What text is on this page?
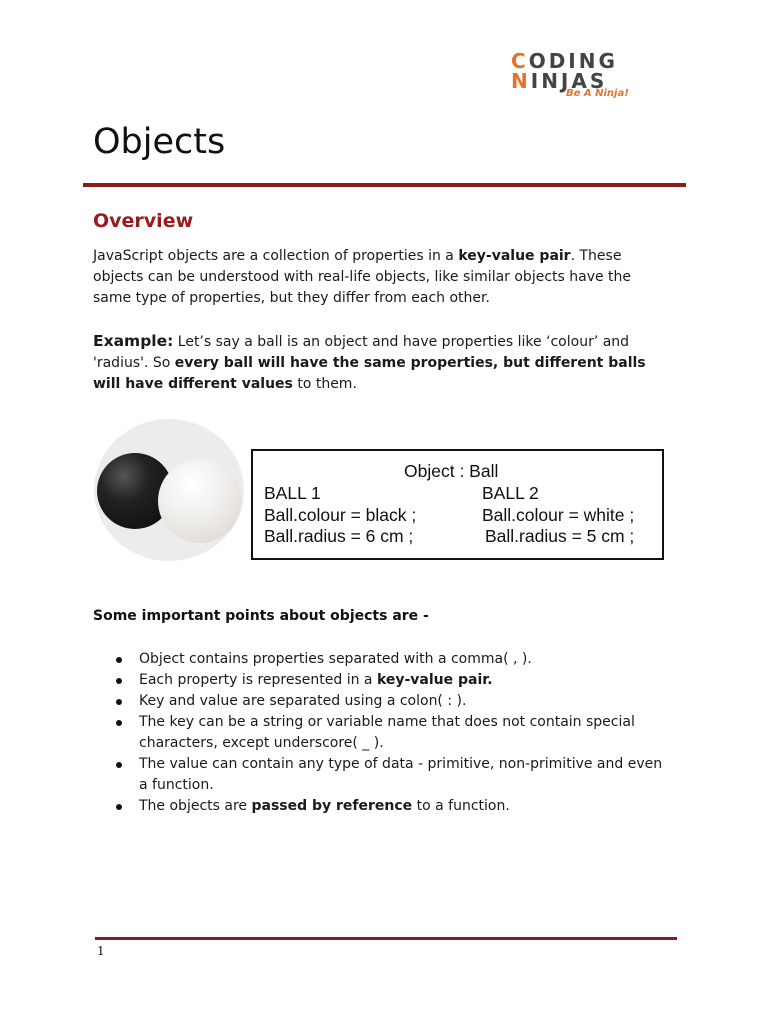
CODING
NINJAS
Be A Ninja!
Objects
Overview
JavaScript objects are a collection of properties in a key-value pair. These objects can be understood with real-life objects, like similar objects have the same type of properties, but they differ from each other.
Example: Let’s say a ball is an object and have properties like ‘colour’ and 'radius'. So every ball will have the same properties, but different balls will have different values to them.
Object : Ball
BALL 1	BALL 2
Ball.colour = black ;	Ball.colour = white ;
Ball.radius = 6 cm ;	Ball.radius = 5 cm ;
Some important points about objects are -
Object contains properties separated with a comma( , ).
Each property is represented in a key-value pair.
Key and value are separated using a colon( : ).
The key can be a string or variable name that does not contain special characters, except underscore( _ ).
The value can contain any type of data - primitive, non-primitive and even a function.
The objects are passed by reference to a function.
1
